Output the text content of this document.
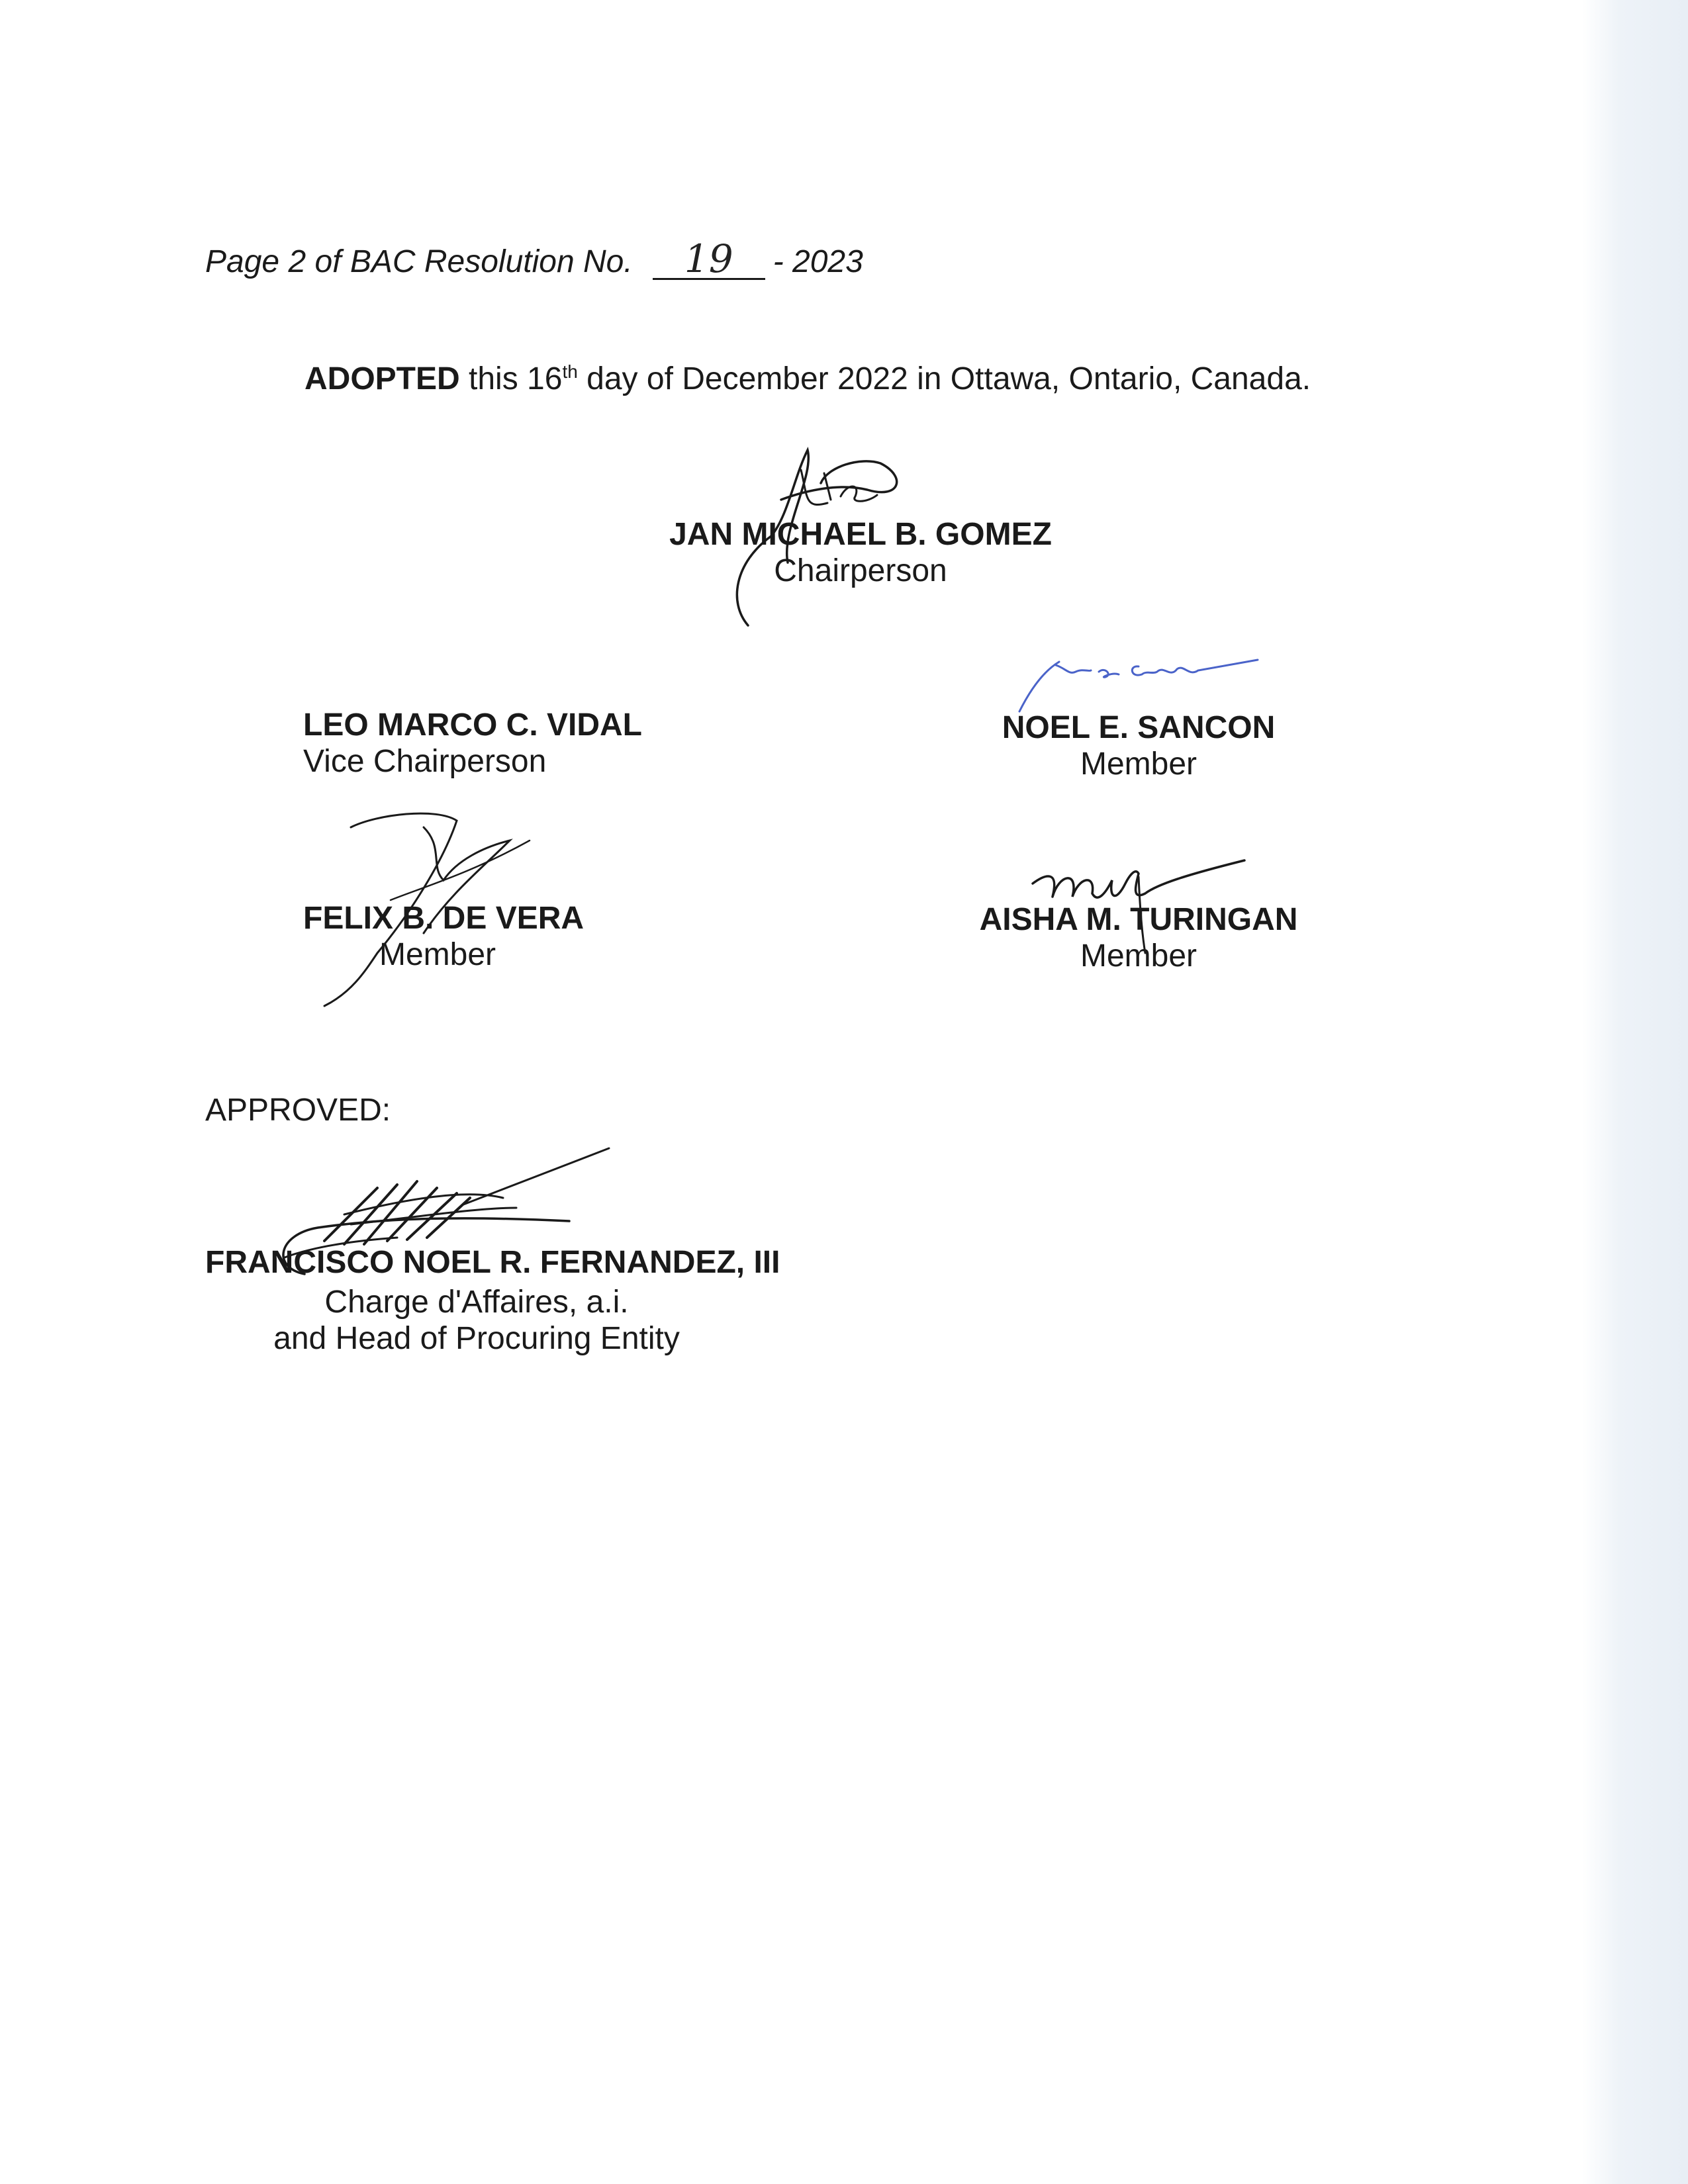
Page 2 of BAC Resolution No. 19 - 2023
ADOPTED this 16th day of December 2022 in Ottawa, Ontario, Canada.
JAN MICHAEL B. GOMEZ
Chairperson
LEO MARCO C. VIDAL
Vice Chairperson
NOEL E. SANCON
Member
FELIX B. DE VERA
Member
AISHA M. TURINGAN
Member
APPROVED:
FRANCISCO NOEL R. FERNANDEZ, III
Charge d'Affaires, a.i.
and Head of Procuring Entity
